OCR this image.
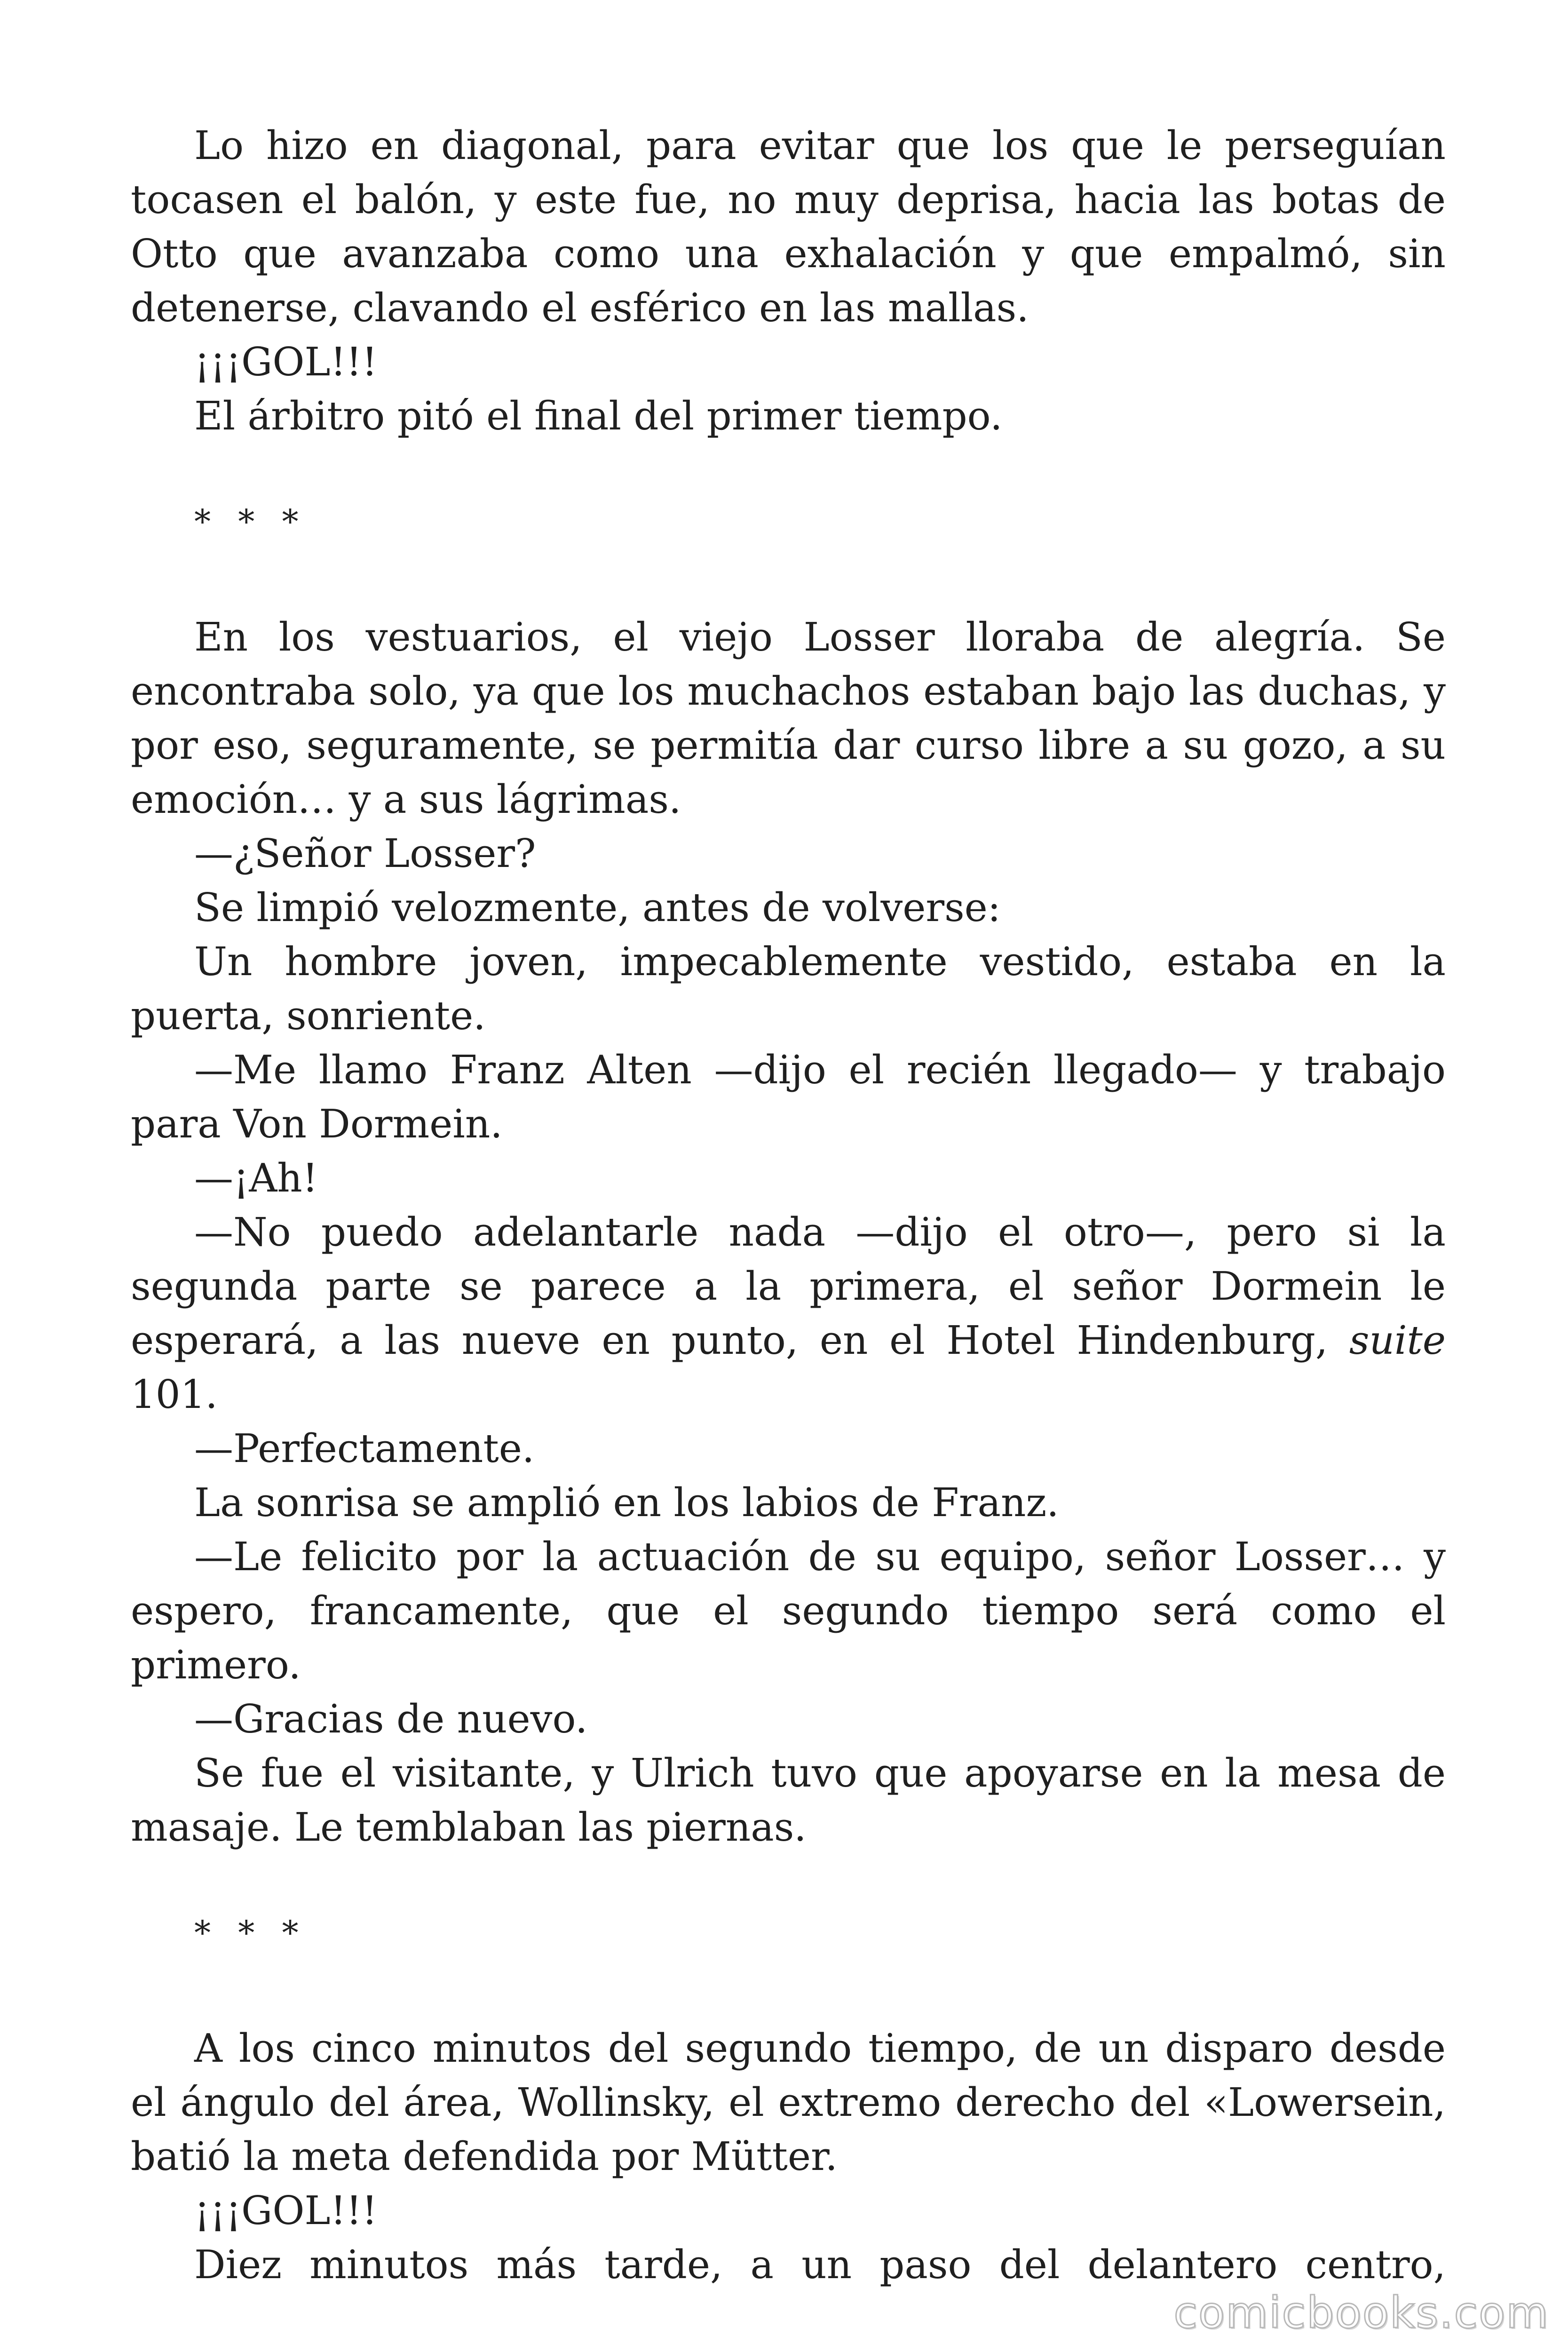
Lo hizo en diagonal, para evitar que los que le perseguían tocasen el balón, y este fue, no muy deprisa, hacia las botas de Otto que avanzaba como una exhalación y que empalmó, sin detenerse, clavando el esférico en las mallas.

¡¡¡GOL!!!

El árbitro pitó el final del primer tiempo.

* * *

En los vestuarios, el viejo Losser lloraba de alegría. Se encontraba solo, ya que los muchachos estaban bajo las duchas, y por eso, seguramente, se permitía dar curso libre a su gozo, a su emoción… y a sus lágrimas.

—¿Señor Losser?

Se limpió velozmente, antes de volverse:

Un hombre joven, impecablemente vestido, estaba en la puerta, sonriente.

—Me llamo Franz Alten —dijo el recién llegado— y trabajo para Von Dormein.

—¡Ah!

—No puedo adelantarle nada —dijo el otro—, pero si la segunda parte se parece a la primera, el señor Dormein le esperará, a las nueve en punto, en el Hotel Hindenburg, suite 101.

—Perfectamente.

La sonrisa se amplió en los labios de Franz.

—Le felicito por la actuación de su equipo, señor Losser… y espero, francamente, que el segundo tiempo será como el primero.

—Gracias de nuevo.

Se fue el visitante, y Ulrich tuvo que apoyarse en la mesa de masaje. Le temblaban las piernas.

* * *

A los cinco minutos del segundo tiempo, de un disparo desde el ángulo del área, Wollinsky, el extremo derecho del «Lowersein, batió la meta defendida por Mütter.

¡¡¡GOL!!!

Diez minutos más tarde, a un paso del delantero centro,

comicbooks.com
